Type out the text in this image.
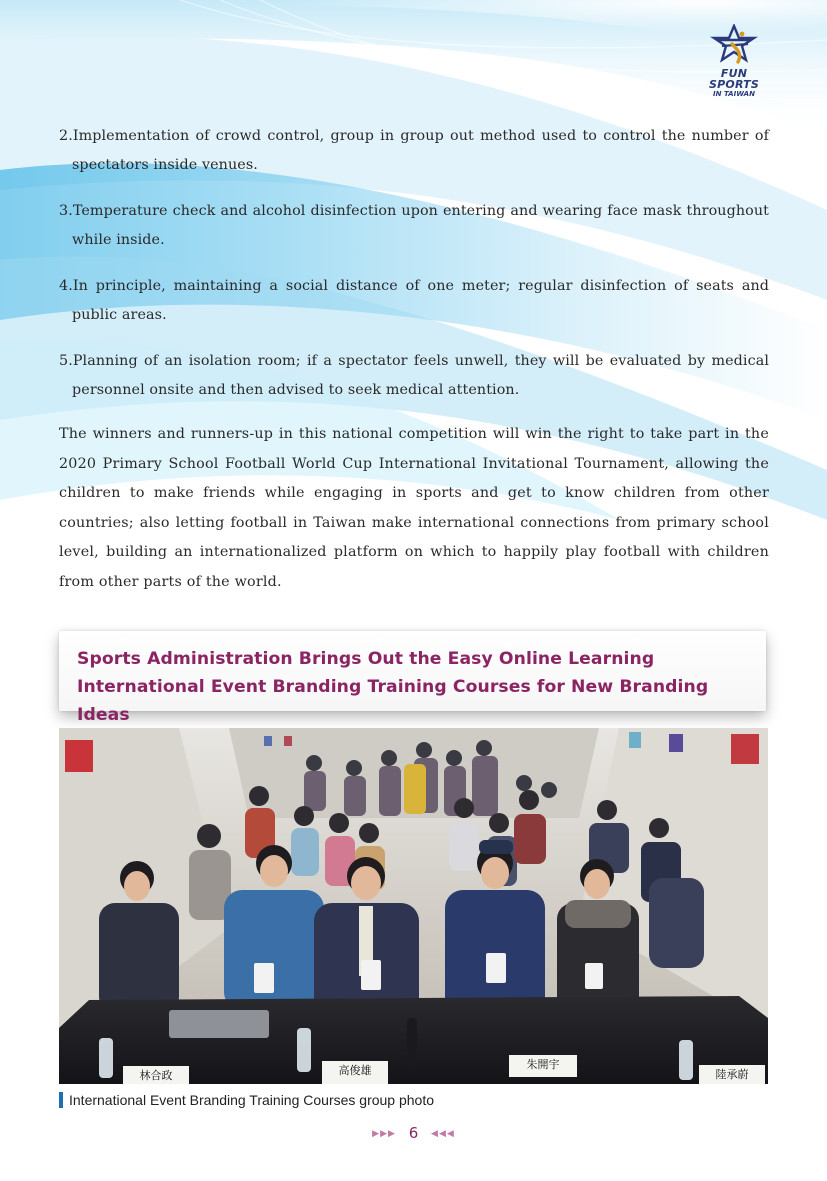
FUN SPORTS
IN TAIWAN

2.Implementation of crowd control, group in group out method used to control the number of spectators inside venues.

3.Temperature check and alcohol disinfection upon entering and wearing face mask throughout while inside.

4.In principle, maintaining a social distance of one meter; regular disinfection of seats and public areas.

5.Planning of an isolation room; if a spectator feels unwell, they will be evaluated by medical personnel onsite and then advised to seek medical attention.

The winners and runners-up in this national competition will win the right to take part in the 2020 Primary School Football World Cup International Invitational Tournament, allowing the children to make friends while engaging in sports and get to know children from other countries; also letting football in Taiwan make international connections from primary school level, building an internationalized platform on which to happily play football with children from other parts of the world.

Sports Administration Brings Out the Easy Online Learning International Event Branding Training Courses for New Branding Ideas
林合政	高俊雄	朱開宇
陸承蔚
International Event Branding Training Courses group photo
▶▶▶ 6 ◀◀◀
